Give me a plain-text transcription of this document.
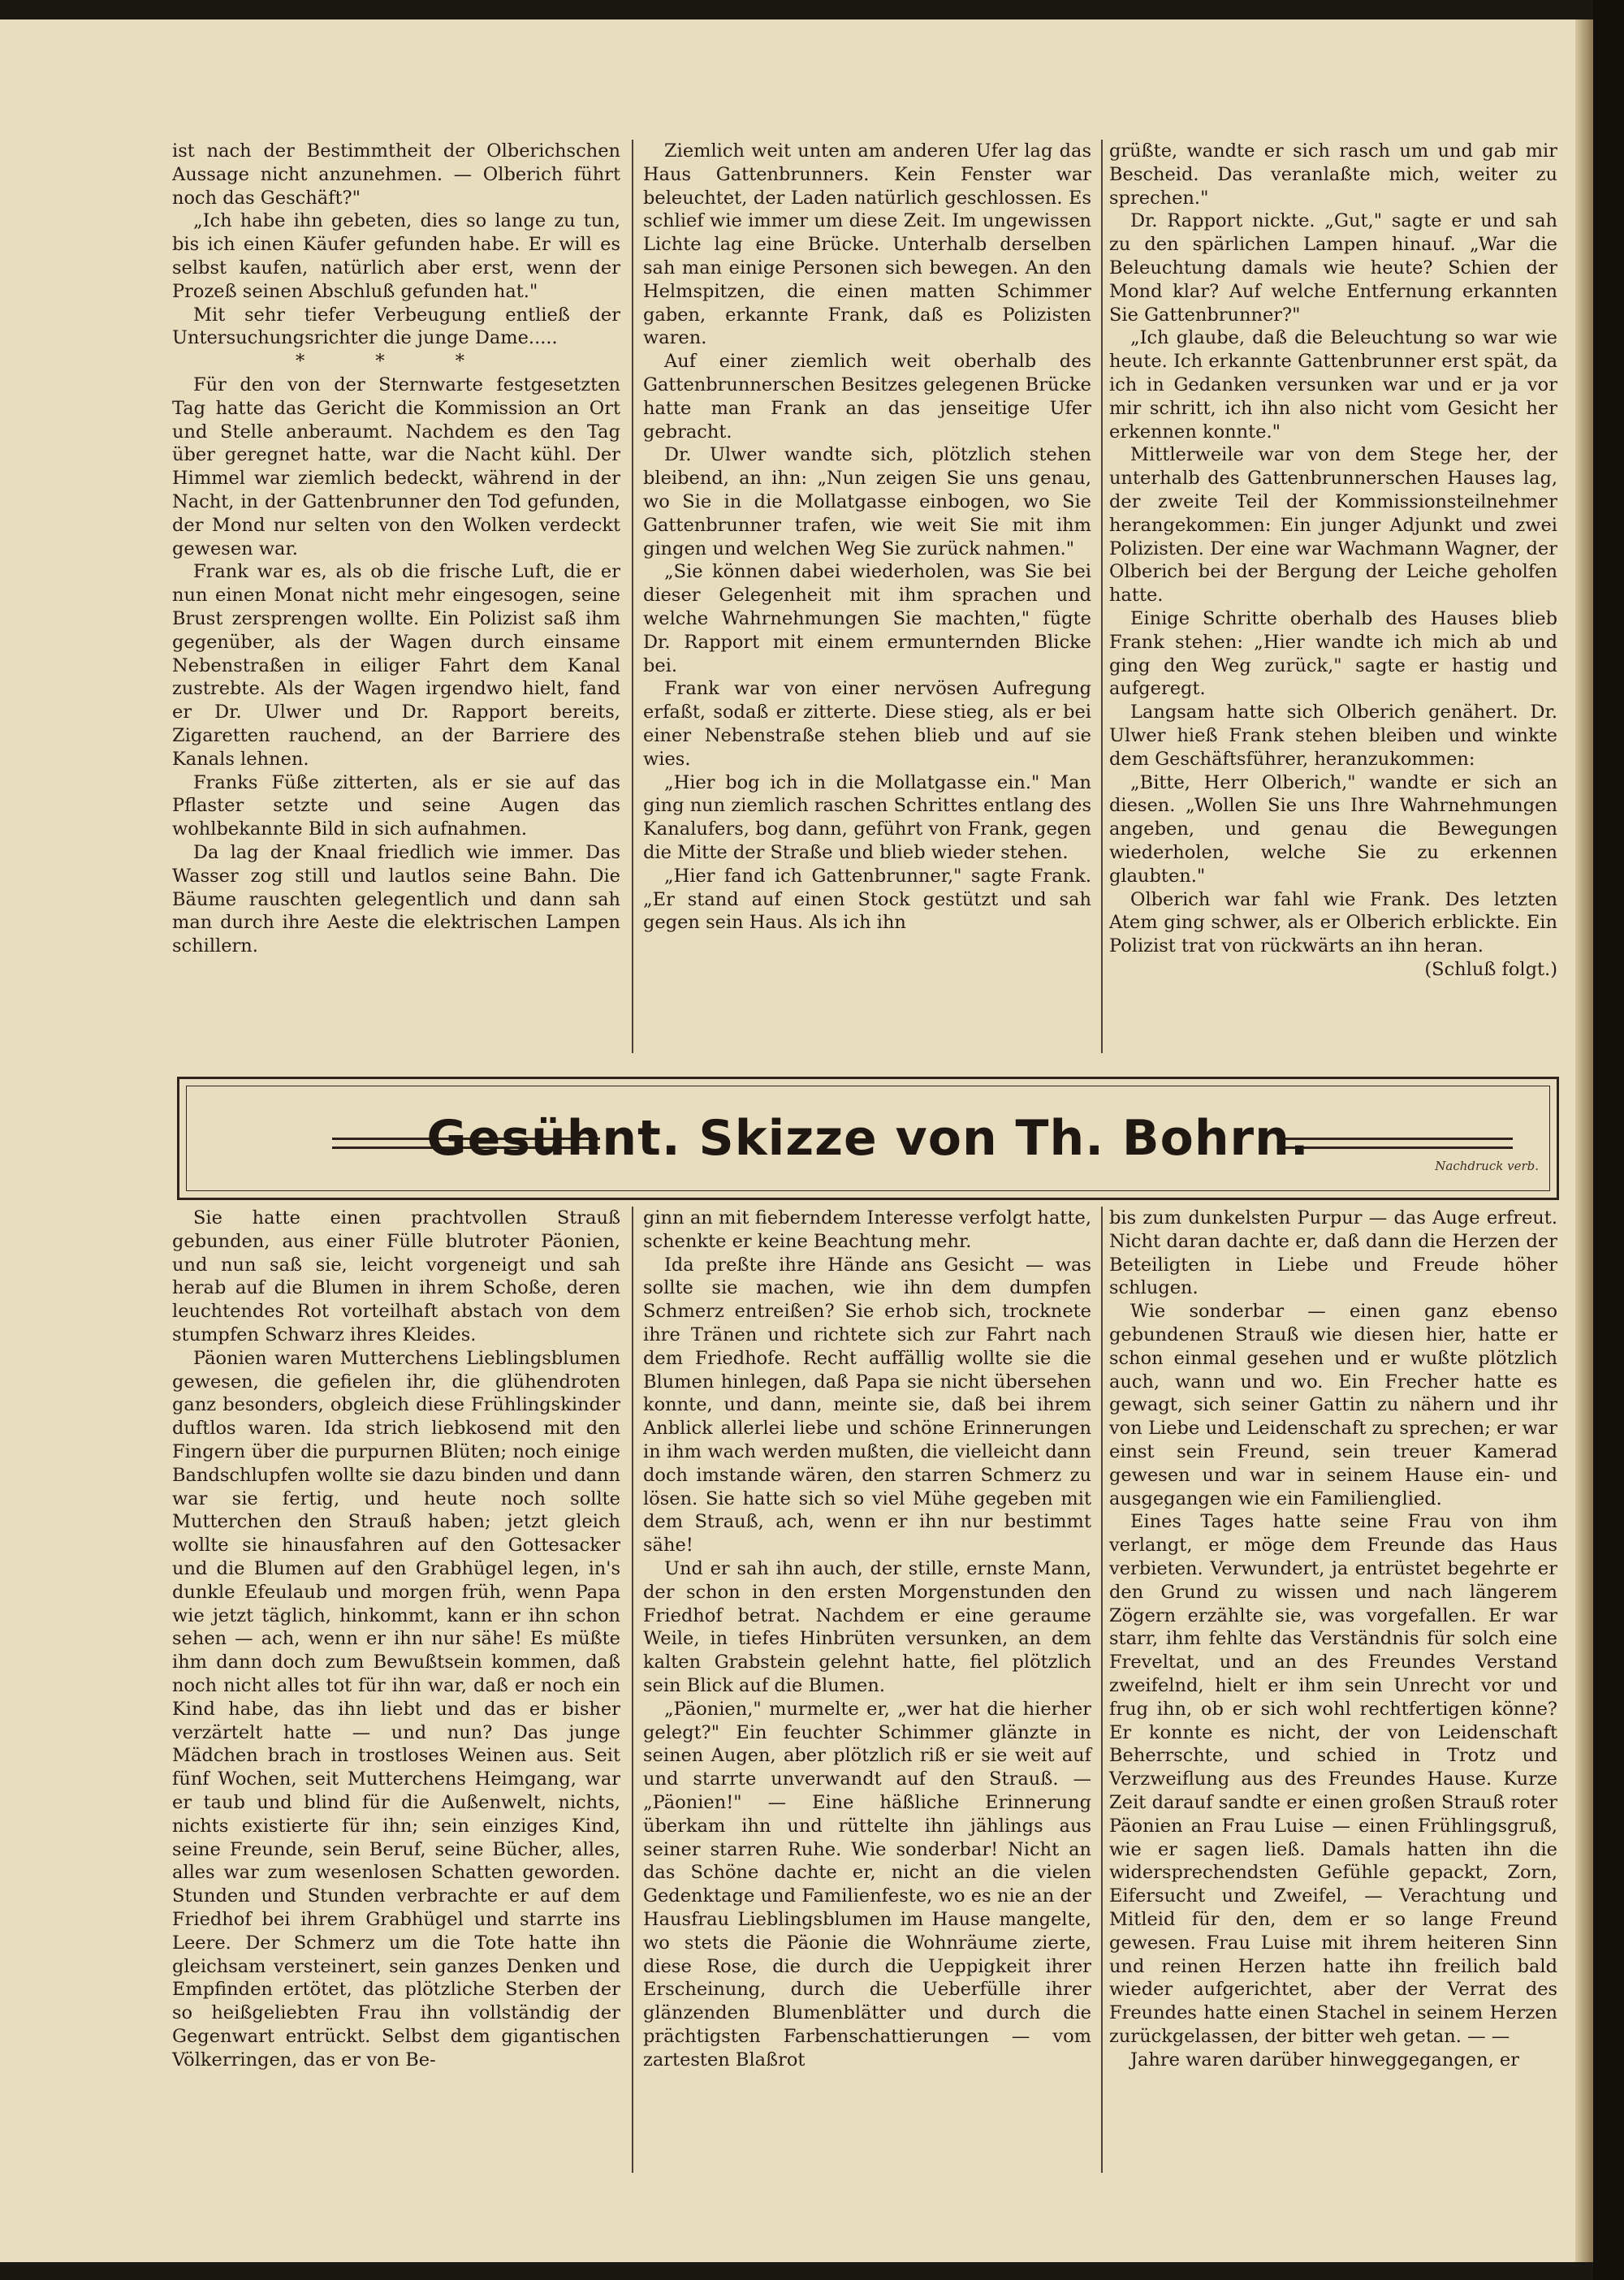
ist nach der Bestimmtheit der Olberichschen Aussage nicht anzunehmen. — Olberich führt noch das Geschäft?"

„Ich habe ihn gebeten, dies so lange zu tun, bis ich einen Käufer gefunden habe. Er will es selbst kaufen, natürlich aber erst, wenn der Prozeß seinen Abschluß gefunden hat."

Mit sehr tiefer Verbeugung entließ der Untersuchungsrichter die junge Dame.....

* * *

Für den von der Sternwarte festgesetzten Tag hatte das Gericht die Kommission an Ort und Stelle anberaumt. Nachdem es den Tag über geregnet hatte, war die Nacht kühl. Der Himmel war ziemlich bedeckt, während in der Nacht, in der Gattenbrunner den Tod gefunden, der Mond nur selten von den Wolken verdeckt gewesen war.

Frank war es, als ob die frische Luft, die er nun einen Monat nicht mehr eingesogen, seine Brust zersprengen wollte. Ein Polizist saß ihm gegenüber, als der Wagen durch einsame Nebenstraßen in eiliger Fahrt dem Kanal zustrebte. Als der Wagen irgendwo hielt, fand er Dr. Ulwer und Dr. Rapport bereits, Zigaretten rauchend, an der Barriere des Kanals lehnen.

Franks Füße zitterten, als er sie auf das Pflaster setzte und seine Augen das wohlbekannte Bild in sich aufnahmen.

Da lag der Knaal friedlich wie immer. Das Wasser zog still und lautlos seine Bahn. Die Bäume rauschten gelegentlich und dann sah man durch ihre Aeste die elektrischen Lampen schillern.

Ziemlich weit unten am anderen Ufer lag das Haus Gattenbrunners. Kein Fenster war beleuchtet, der Laden natürlich geschlossen. Es schlief wie immer um diese Zeit. Im ungewissen Lichte lag eine Brücke. Unterhalb derselben sah man einige Personen sich bewegen. An den Helmspitzen, die einen matten Schimmer gaben, erkannte Frank, daß es Polizisten waren.

Auf einer ziemlich weit oberhalb des Gattenbrunnerschen Besitzes gelegenen Brücke hatte man Frank an das jenseitige Ufer gebracht.

Dr. Ulwer wandte sich, plötzlich stehen bleibend, an ihn: „Nun zeigen Sie uns genau, wo Sie in die Mollatgasse einbogen, wo Sie Gattenbrunner trafen, wie weit Sie mit ihm gingen und welchen Weg Sie zurück nahmen."

„Sie können dabei wiederholen, was Sie bei dieser Gelegenheit mit ihm sprachen und welche Wahrnehmungen Sie machten," fügte Dr. Rapport mit einem ermunternden Blicke bei.

Frank war von einer nervösen Aufregung erfaßt, sodaß er zitterte. Diese stieg, als er bei einer Nebenstraße stehen blieb und auf sie wies.

„Hier bog ich in die Mollatgasse ein." Man ging nun ziemlich raschen Schrittes entlang des Kanalufers, bog dann, geführt von Frank, gegen die Mitte der Straße und blieb wieder stehen.

„Hier fand ich Gattenbrunner," sagte Frank. „Er stand auf einen Stock gestützt und sah gegen sein Haus. Als ich ihn

grüßte, wandte er sich rasch um und gab mir Bescheid. Das veranlaßte mich, weiter zu sprechen."

Dr. Rapport nickte. „Gut," sagte er und sah zu den spärlichen Lampen hinauf. „War die Beleuchtung damals wie heute? Schien der Mond klar? Auf welche Entfernung erkannten Sie Gattenbrunner?"

„Ich glaube, daß die Beleuchtung so war wie heute. Ich erkannte Gattenbrunner erst spät, da ich in Gedanken versunken war und er ja vor mir schritt, ich ihn also nicht vom Gesicht her erkennen konnte."

Mittlerweile war von dem Stege her, der unterhalb des Gattenbrunnerschen Hauses lag, der zweite Teil der Kommissionsteilnehmer herangekommen: Ein junger Adjunkt und zwei Polizisten. Der eine war Wachmann Wagner, der Olberich bei der Bergung der Leiche geholfen hatte.

Einige Schritte oberhalb des Hauses blieb Frank stehen: „Hier wandte ich mich ab und ging den Weg zurück," sagte er hastig und aufgeregt.

Langsam hatte sich Olberich genähert. Dr. Ulwer hieß Frank stehen bleiben und winkte dem Geschäftsführer, heranzukommen:

„Bitte, Herr Olberich," wandte er sich an diesen. „Wollen Sie uns Ihre Wahrnehmungen angeben, und genau die Bewegungen wiederholen, welche Sie zu erkennen glaubten."

Olberich war fahl wie Frank. Des letzten Atem ging schwer, als er Olberich erblickte. Ein Polizist trat von rückwärts an ihn heran.

(Schluß folgt.)

Gesühnt. Skizze von Th. Bohrn.	Nachdruck verb.

Sie hatte einen prachtvollen Strauß gebunden, aus einer Fülle blutroter Päonien, und nun saß sie, leicht vorgeneigt und sah herab auf die Blumen in ihrem Schoße, deren leuchtendes Rot vorteilhaft abstach von dem stumpfen Schwarz ihres Kleides.

Päonien waren Mutterchens Lieblingsblumen gewesen, die gefielen ihr, die glühendroten ganz besonders, obgleich diese Frühlingskinder duftlos waren. Ida strich liebkosend mit den Fingern über die purpurnen Blüten; noch einige Bandschlupfen wollte sie dazu binden und dann war sie fertig, und heute noch sollte Mutterchen den Strauß haben; jetzt gleich wollte sie hinausfahren auf den Gottesacker und die Blumen auf den Grabhügel legen, in's dunkle Efeulaub und morgen früh, wenn Papa wie jetzt täglich, hinkommt, kann er ihn schon sehen — ach, wenn er ihn nur sähe! Es müßte ihm dann doch zum Bewußtsein kommen, daß noch nicht alles tot für ihn war, daß er noch ein Kind habe, das ihn liebt und das er bisher verzärtelt hatte — und nun? Das junge Mädchen brach in trostloses Weinen aus. Seit fünf Wochen, seit Mutterchens Heimgang, war er taub und blind für die Außenwelt, nichts, nichts existierte für ihn; sein einziges Kind, seine Freunde, sein Beruf, seine Bücher, alles, alles war zum wesenlosen Schatten geworden. Stunden und Stunden verbrachte er auf dem Friedhof bei ihrem Grabhügel und starrte ins Leere. Der Schmerz um die Tote hatte ihn gleichsam versteinert, sein ganzes Denken und Empfinden ertötet, das plötzliche Sterben der so heißgeliebten Frau ihn vollständig der Gegenwart entrückt. Selbst dem gigantischen Völkerringen, das er von Be-

ginn an mit fieberndem Interesse verfolgt hatte, schenkte er keine Beachtung mehr.

Ida preßte ihre Hände ans Gesicht — was sollte sie machen, wie ihn dem dumpfen Schmerz entreißen? Sie erhob sich, trocknete ihre Tränen und richtete sich zur Fahrt nach dem Friedhofe. Recht auffällig wollte sie die Blumen hinlegen, daß Papa sie nicht übersehen konnte, und dann, meinte sie, daß bei ihrem Anblick allerlei liebe und schöne Erinnerungen in ihm wach werden mußten, die vielleicht dann doch imstande wären, den starren Schmerz zu lösen. Sie hatte sich so viel Mühe gegeben mit dem Strauß, ach, wenn er ihn nur bestimmt sähe!

Und er sah ihn auch, der stille, ernste Mann, der schon in den ersten Morgenstunden den Friedhof betrat. Nachdem er eine geraume Weile, in tiefes Hinbrüten versunken, an dem kalten Grabstein gelehnt hatte, fiel plötzlich sein Blick auf die Blumen.

„Päonien," murmelte er, „wer hat die hierher gelegt?" Ein feuchter Schimmer glänzte in seinen Augen, aber plötzlich riß er sie weit auf und starrte unverwandt auf den Strauß. — „Päonien!" — Eine häßliche Erinnerung überkam ihn und rüttelte ihn jählings aus seiner starren Ruhe. Wie sonderbar! Nicht an das Schöne dachte er, nicht an die vielen Gedenktage und Familienfeste, wo es nie an der Hausfrau Lieblingsblumen im Hause mangelte, wo stets die Päonie die Wohnräume zierte, diese Rose, die durch die Ueppigkeit ihrer Erscheinung, durch die Ueberfülle ihrer glänzenden Blumenblätter und durch die prächtigsten Farbenschattierungen — vom zartesten Blaßrot

bis zum dunkelsten Purpur — das Auge erfreut. Nicht daran dachte er, daß dann die Herzen der Beteiligten in Liebe und Freude höher schlugen.

Wie sonderbar — einen ganz ebenso gebundenen Strauß wie diesen hier, hatte er schon einmal gesehen und er wußte plötzlich auch, wann und wo. Ein Frecher hatte es gewagt, sich seiner Gattin zu nähern und ihr von Liebe und Leidenschaft zu sprechen; er war einst sein Freund, sein treuer Kamerad gewesen und war in seinem Hause ein- und ausgegangen wie ein Familienglied.

Eines Tages hatte seine Frau von ihm verlangt, er möge dem Freunde das Haus verbieten. Verwundert, ja entrüstet begehrte er den Grund zu wissen und nach längerem Zögern erzählte sie, was vorgefallen. Er war starr, ihm fehlte das Verständnis für solch eine Freveltat, und an des Freundes Verstand zweifelnd, hielt er ihm sein Unrecht vor und frug ihn, ob er sich wohl rechtfertigen könne? Er konnte es nicht, der von Leidenschaft Beherrschte, und schied in Trotz und Verzweiflung aus des Freundes Hause. Kurze Zeit darauf sandte er einen großen Strauß roter Päonien an Frau Luise — einen Frühlingsgruß, wie er sagen ließ. Damals hatten ihn die widersprechendsten Gefühle gepackt, Zorn, Eifersucht und Zweifel, — Verachtung und Mitleid für den, dem er so lange Freund gewesen. Frau Luise mit ihrem heiteren Sinn und reinen Herzen hatte ihn freilich bald wieder aufgerichtet, aber der Verrat des Freundes hatte einen Stachel in seinem Herzen zurückgelassen, der bitter weh getan. — —

Jahre waren darüber hinweggegangen, er
